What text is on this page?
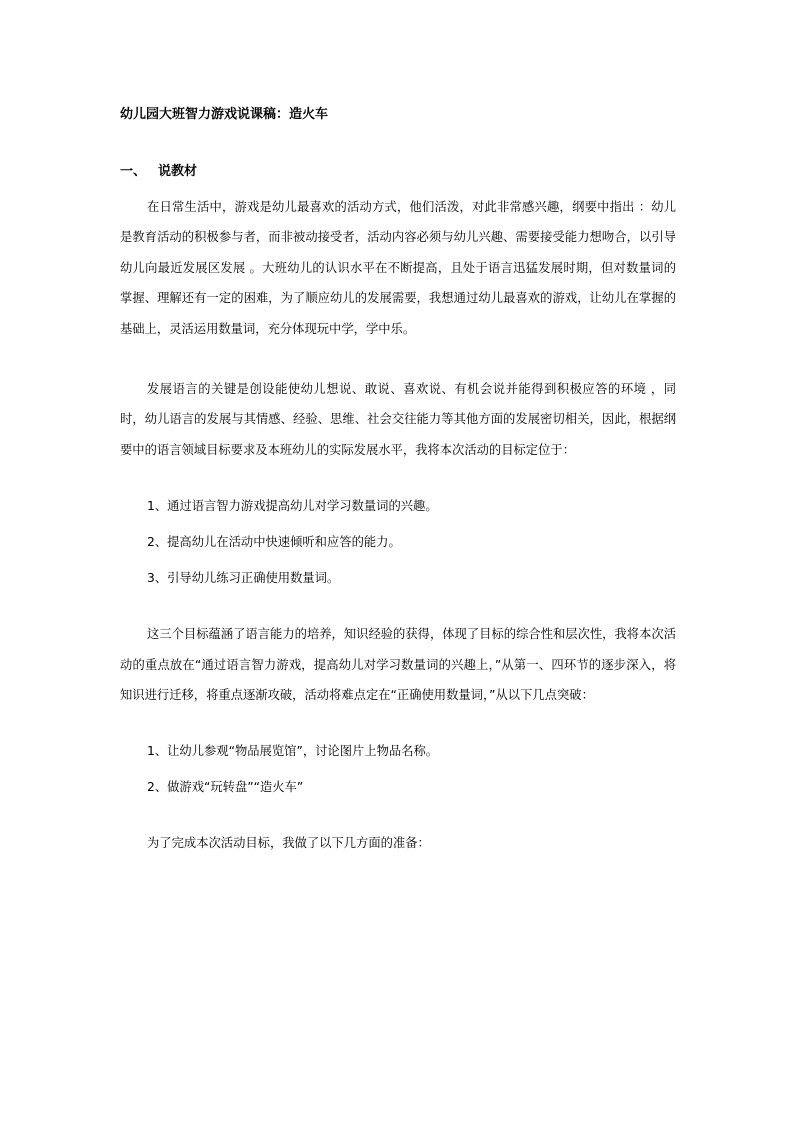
幼儿园大班智力游戏说课稿：造火车
一、 说教材

在日常生活中，游戏是幼儿最喜欢的活动方式，他们活泼，对此非常感兴趣，纲要中指出 ：幼儿是教育活动的积极参与者，而非被动接受者，活动内容必须与幼儿兴趣、需要接受能力想吻合，以引导幼儿向最近发展区发展 。大班幼儿的认识水平在不断提高，且处于语言迅猛发展时期，但对数量词的掌握、理解还有一定的困难，为了顺应幼儿的发展需要，我想通过幼儿最喜欢的游戏，让幼儿在掌握的基础上，灵活运用数量词，充分体现玩中学，学中乐。

发展语言的关键是创设能使幼儿想说、敢说、喜欢说、有机会说并能得到积极应答的环境 ，同时，幼儿语言的发展与其情感、经验、思维、社会交往能力等其他方面的发展密切相关，因此，根据纲要中的语言领域目标要求及本班幼儿的实际发展水平，我将本次活动的目标定位于：

1、通过语言智力游戏提高幼儿对学习数量词的兴趣。

2、提高幼儿在活动中快速倾听和应答的能力。

3、引导幼儿练习正确使用数量词。

这三个目标蕴涵了语言能力的培养，知识经验的获得，体现了目标的综合性和层次性，我将本次活动的重点放在“通过语言智力游戏，提高幼儿对学习数量词的兴趣上，”从第一、四环节的逐步深入，将知识进行迁移，将重点逐渐攻破，活动将难点定在“正确使用数量词，”从以下几点突破：

1、让幼儿参观“物品展览馆”，讨论图片上物品名称。

2、做游戏“玩转盘”“造火车”

为了完成本次活动目标，我做了以下几方面的准备：
